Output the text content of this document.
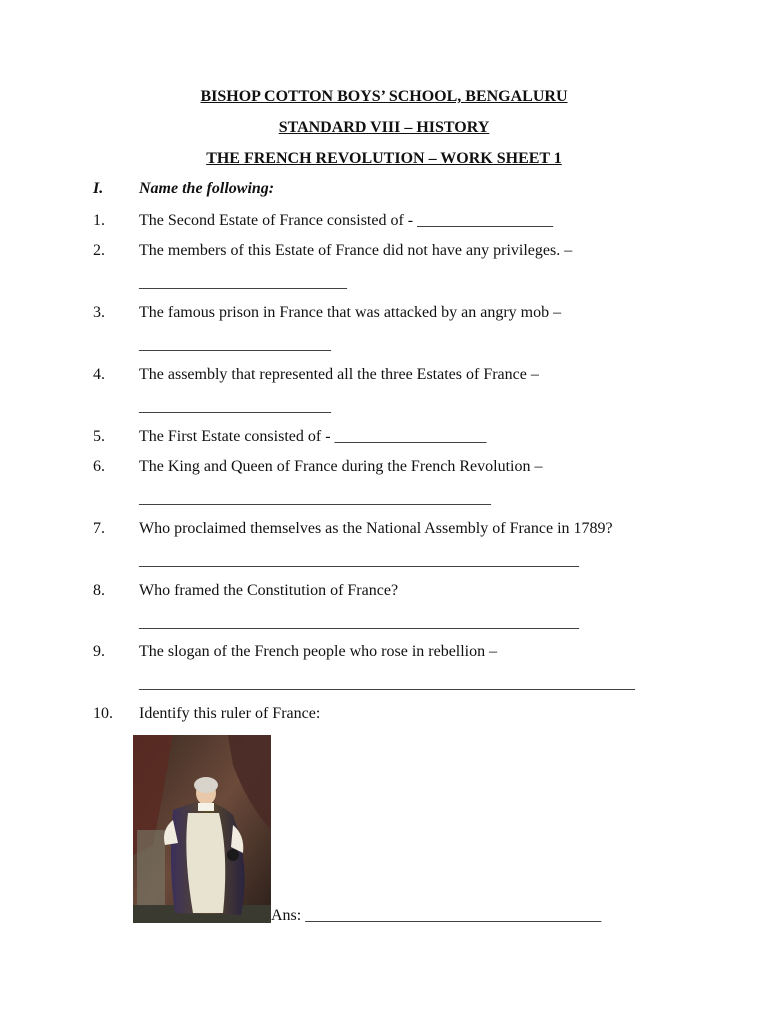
BISHOP COTTON BOYS’ SCHOOL, BENGALURU
STANDARD VIII – HISTORY
THE FRENCH REVOLUTION – WORK SHEET 1
I. Name the following:
1. The Second Estate of France consisted of - _________________
2. The members of this Estate of France did not have any privileges. –
__________________________
3. The famous prison in France that was attacked by an angry mob –
________________________
4. The assembly that represented all the three Estates of France –
________________________
5. The First Estate consisted of - ___________________
6. The King and Queen of France during the French Revolution –
____________________________________________
7. Who proclaimed themselves as the National Assembly of France in 1789?
_______________________________________________________
8. Who framed the Constitution of France?
_______________________________________________________
9. The slogan of the French people who rose in rebellion –
______________________________________________________________
10. Identify this ruler of France:
Ans: _____________________________________
